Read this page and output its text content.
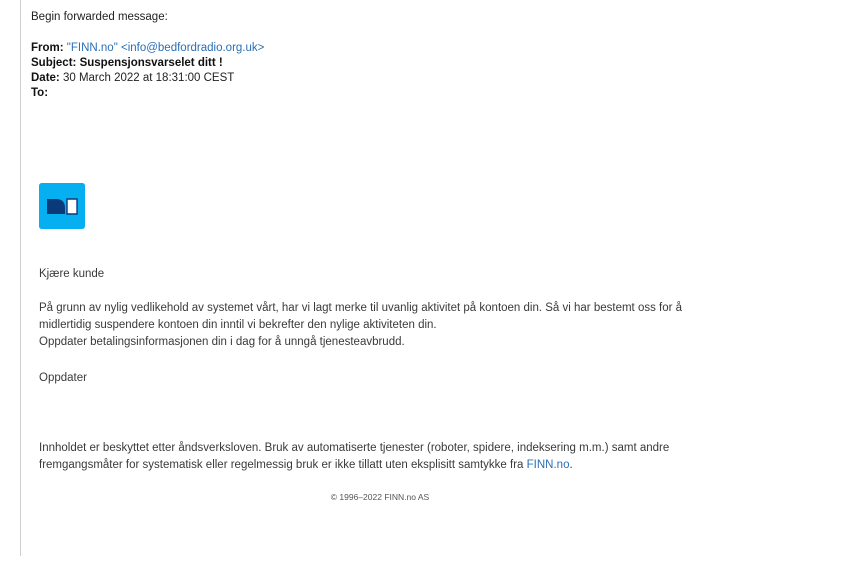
Begin forwarded message:
From: "FINN.no" <info@bedfordradio.org.uk>
Subject: Suspensjonsvarselet ditt !
Date: 30 March 2022 at 18:31:00 CEST
To:
Kjære kunde

På grunn av nylig vedlikehold av systemet vårt, har vi lagt merke til uvanlig aktivitet på kontoen din. Så vi har bestemt oss for å

midlertidig suspendere kontoen din inntil vi bekrefter den nylige aktiviteten din.

Oppdater betalingsinformasjonen din i dag for å unngå tjenesteavbrudd.

Oppdater
Innholdet er beskyttet etter åndsverksloven. Bruk av automatiserte tjenester (roboter, spidere, indeksering m.m.) samt andre
fremgangsmåter for systematisk eller regelmessig bruk er ikke tillatt uten eksplisitt samtykke fra FINN.no.
© 1996–2022 FINN.no AS
